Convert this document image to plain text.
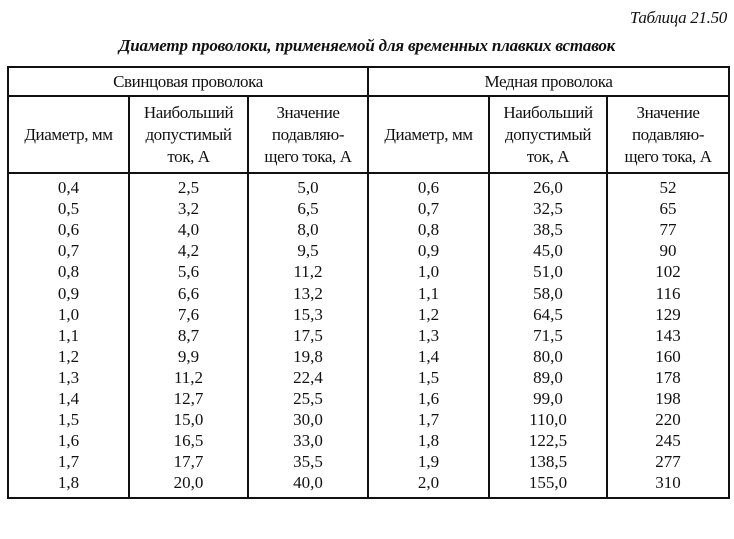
Таблица 21.50
Диаметр проволоки, применяемой для временных плавких вставок
Свинцовая проволока			Медная проволока		

Диаметр, мм

Наибольший
допустимый
ток, А

Значение
подавляю-
щего тока, А

Диаметр, мм

Наибольший
допустимый
ток, А

Значение
подавляю-
щего тока, А

0,4	2,5	5,0	0,6	26,0	52
0,5	3,2	6,5	0,7	32,5	65
0,6	4,0	8,0	0,8	38,5	77
0,7	4,2	9,5	0,9	45,0	90
0,8	5,6	11,2	1,0	51,0	102
0,9	6,6	13,2	1,1	58,0	116
1,0	7,6	15,3	1,2	64,5	129
1,1	8,7	17,5	1,3	71,5	143
1,2	9,9	19,8	1,4	80,0	160
1,3	11,2	22,4	1,5	89,0	178
1,4	12,7	25,5	1,6	99,0	198
1,5	15,0	30,0	1,7	110,0	220
1,6	16,5	33,0	1,8	122,5	245
1,7	17,7	35,5	1,9	138,5	277
1,8	20,0	40,0	2,0	155,0	310
